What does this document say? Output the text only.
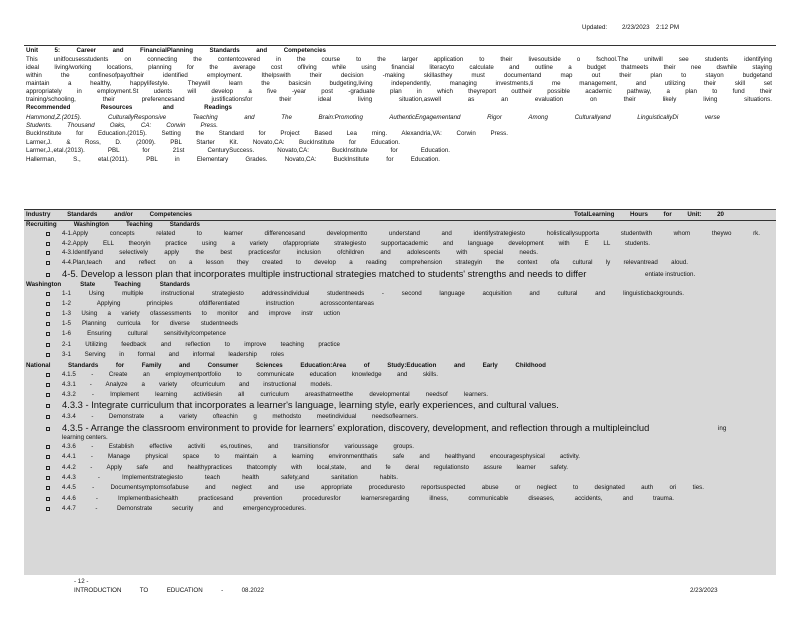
Updated: 2/23/2023 2:12 PM
Unit	5:	Career	and	FinancialPlanning	Standards	and	Competencies
This unitfocusesstudents on connecting the contentcovered in the course to the larger application to their livesoutside o fschool.The unitwill see students identifying
ideal living/working locations, planning for the average cost ofliving while using financial literacyto calculate and outline a budget thatmeets their nee dswhile staying
within the confinesofpayoftheir identified employment. Ithelpswith their decision -making skillasthey must documentand map out their plan to stayon budgetand
maintain a healthy, happylifestyle. Theywill learn the basicsin budgeting,living independently, managing investments,ti me management, and utilizing their skill set
appropriately in employment.St udents will develop a five -year post -graduate plan in which theyreport outtheir possible academic pathway, a plan to fund their
training/schooling, their preferencesand justificationsfor their ideal living situation,aswell as an evaluation on their likely living situations.
Recommended	Resources	and	Readings
Hammond,Z.(2015). CulturallyResponsive Teaching and The Brain:Promoting AuthenticEngagementand Rigor Among Culturallyand LinguisticallyDi verse
Students. Thousand Oaks, CA: Corwin Press.
BuckInstitute for Education.(2015). Setting the Standard for Project Based Lea rning. Alexandria,VA: Corwin Press.
Larmer,J. & Ross, D. (2009). PBL Starter Kit. Novato,CA: BuckInstitute for Education.
Larmer,J.,etal.(2013). PBL for 21st CenturySuccess. Novato,CA: BuckInstitute for Education.
Hallerman, S., etal.(2011). PBL in Elementary Grades. Novato,CA: BuckInstitute for Education.
Industry	Standards	and/or	Competencies	TotalLearning	Hours	for	Unit:	20
Recruiting	Washington	Teaching	Standards
4-1.Apply concepts related to learner differencesand developmentto understand and identifystrategiesto holisticallysupporta studentwith whom theywo rk.
4-2.Apply ELL theoryin practice using a variety ofappropriate strategiesto supportacademic and language development with E LL students.
4-3.Identifyand selectively apply the best practicesfor inclusion ofchildren and adolescents with special needs.
4-4.Plan,teach and reflect on a lesson they created to develop a reading comprehension strategyin the context ofa cultural ly relevantread aloud.
4-5. Develop a lesson plan that incorporates multiple instructional strategies matched to students' strengths and needs to differ	entiate instruction.
Washington	State	Teaching	Standards
1-1 Using multiple instructional strategiesto addressindividual studentneeds - second language acquisition and cultural and linguisticbackgrounds.
1-2 Applying principles ofdifferentiated instruction acrosscontentareas
1-3 Using a variety ofassessments to monitor and improve instr uction
1-5 Planning curricula for diverse studentneeds
1-6 Ensuring cultural sensitivity/competence
2-1 Utilizing feedback and reflection to improve teaching practice
3-1 Serving in formal and informal leadership roles
National Standards	for	Family	and	Consumer	Sciences	Education:Area	of	Study:Education	and	Early	Childhood
4.1.5 - Create an employmentportfolio to communicate education knowledge and skills.
4.3.1 - Analyze a variety ofcurriculum and instructional models.
4.3.2 - Implement learning activitiesin all curriculum areasthatmeetthe developmental needsof learners.
4.3.3 - Integrate curriculum that incorporates a learner's language, learning style, early experiences, and cultural values.
4.3.4 - Demonstrate a variety ofteachin g methodsto meetindividual needsoflearners.
4.3.5 - Arrange the classroom environment to provide for learners' exploration, discovery, development, and reflection through a multipleinclud	ing
learning centers.
4.3.6 - Establish effective activiti es,routines, and transitionsfor varioussage groups.
4.4.1 - Manage physical space to maintain a learning environmentthatis safe and healthyand encouragesphysical activity.
4.4.2 - Apply safe and healthypractices thatcomply with local,state, and fe deral regulationsto assure learner safety.
4.4.3 - Implementstrategiesto teach health safety,and sanitation habits.
4.4.5 - Documentsymptomsofabuse and neglect and use appropriate proceduresto reportsuspected abuse or neglect to designated auth ori ties.
4.4.6 - Implementbasichealth practicesand prevention proceduresfor learnersregarding illness, communicable diseases, accidents, and trauma.
4.4.7 - Demonstrate security and emergencyprocedures.
- 12 -
INTRODUCTION	TO	EDUCATION	- 08.2022	2/23/2023
